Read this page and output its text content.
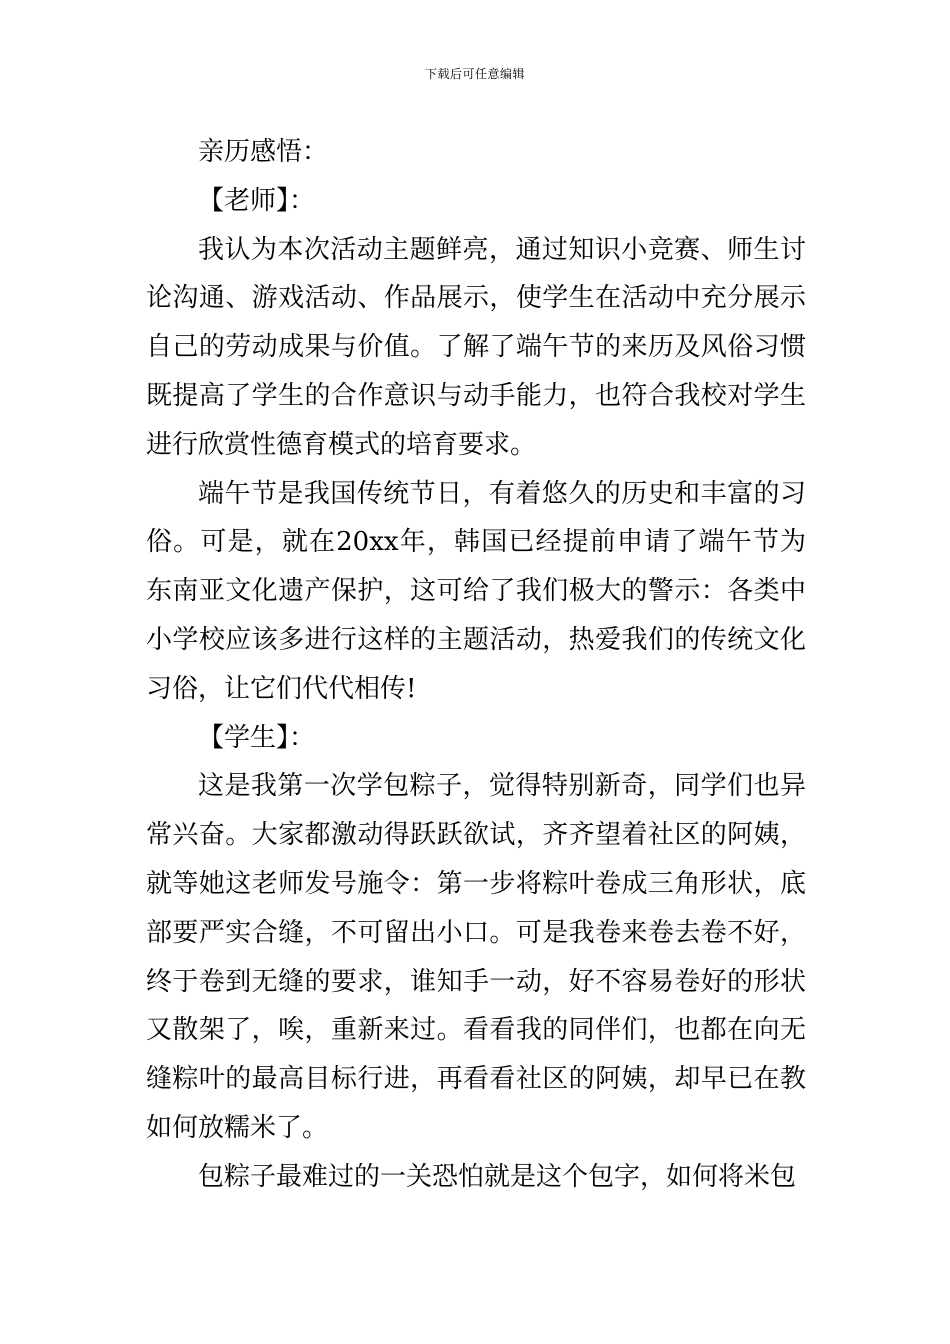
下载后可任意编辑

亲历感悟：

【老师】：

我认为本次活动主题鲜亮，通过知识小竞赛、师生讨论沟通、游戏活动、作品展示，使学生在活动中充分展示自己的劳动成果与价值。了解了端午节的来历及风俗习惯既提高了学生的合作意识与动手能力，也符合我校对学生进行欣赏性德育模式的培育要求。

端午节是我国传统节日，有着悠久的历史和丰富的习俗。可是，就在20xx年，韩国已经提前申请了端午节为东南亚文化遗产保护，这可给了我们极大的警示：各类中小学校应该多进行这样的主题活动，热爱我们的传统文化习俗，让它们代代相传!

【学生】：

这是我第一次学包粽子，觉得特别新奇，同学们也异常兴奋。大家都激动得跃跃欲试，齐齐望着社区的阿姨，就等她这老师发号施令：第一步将粽叶卷成三角形状，底部要严实合缝，不可留出小口。可是我卷来卷去卷不好，终于卷到无缝的要求，谁知手一动，好不容易卷好的形状又散架了，唉，重新来过。看看我的同伴们，也都在向无缝粽叶的最高目标行进，再看看社区的阿姨，却早已在教如何放糯米了。

包粽子最难过的一关恐怕就是这个包字，如何将米包
